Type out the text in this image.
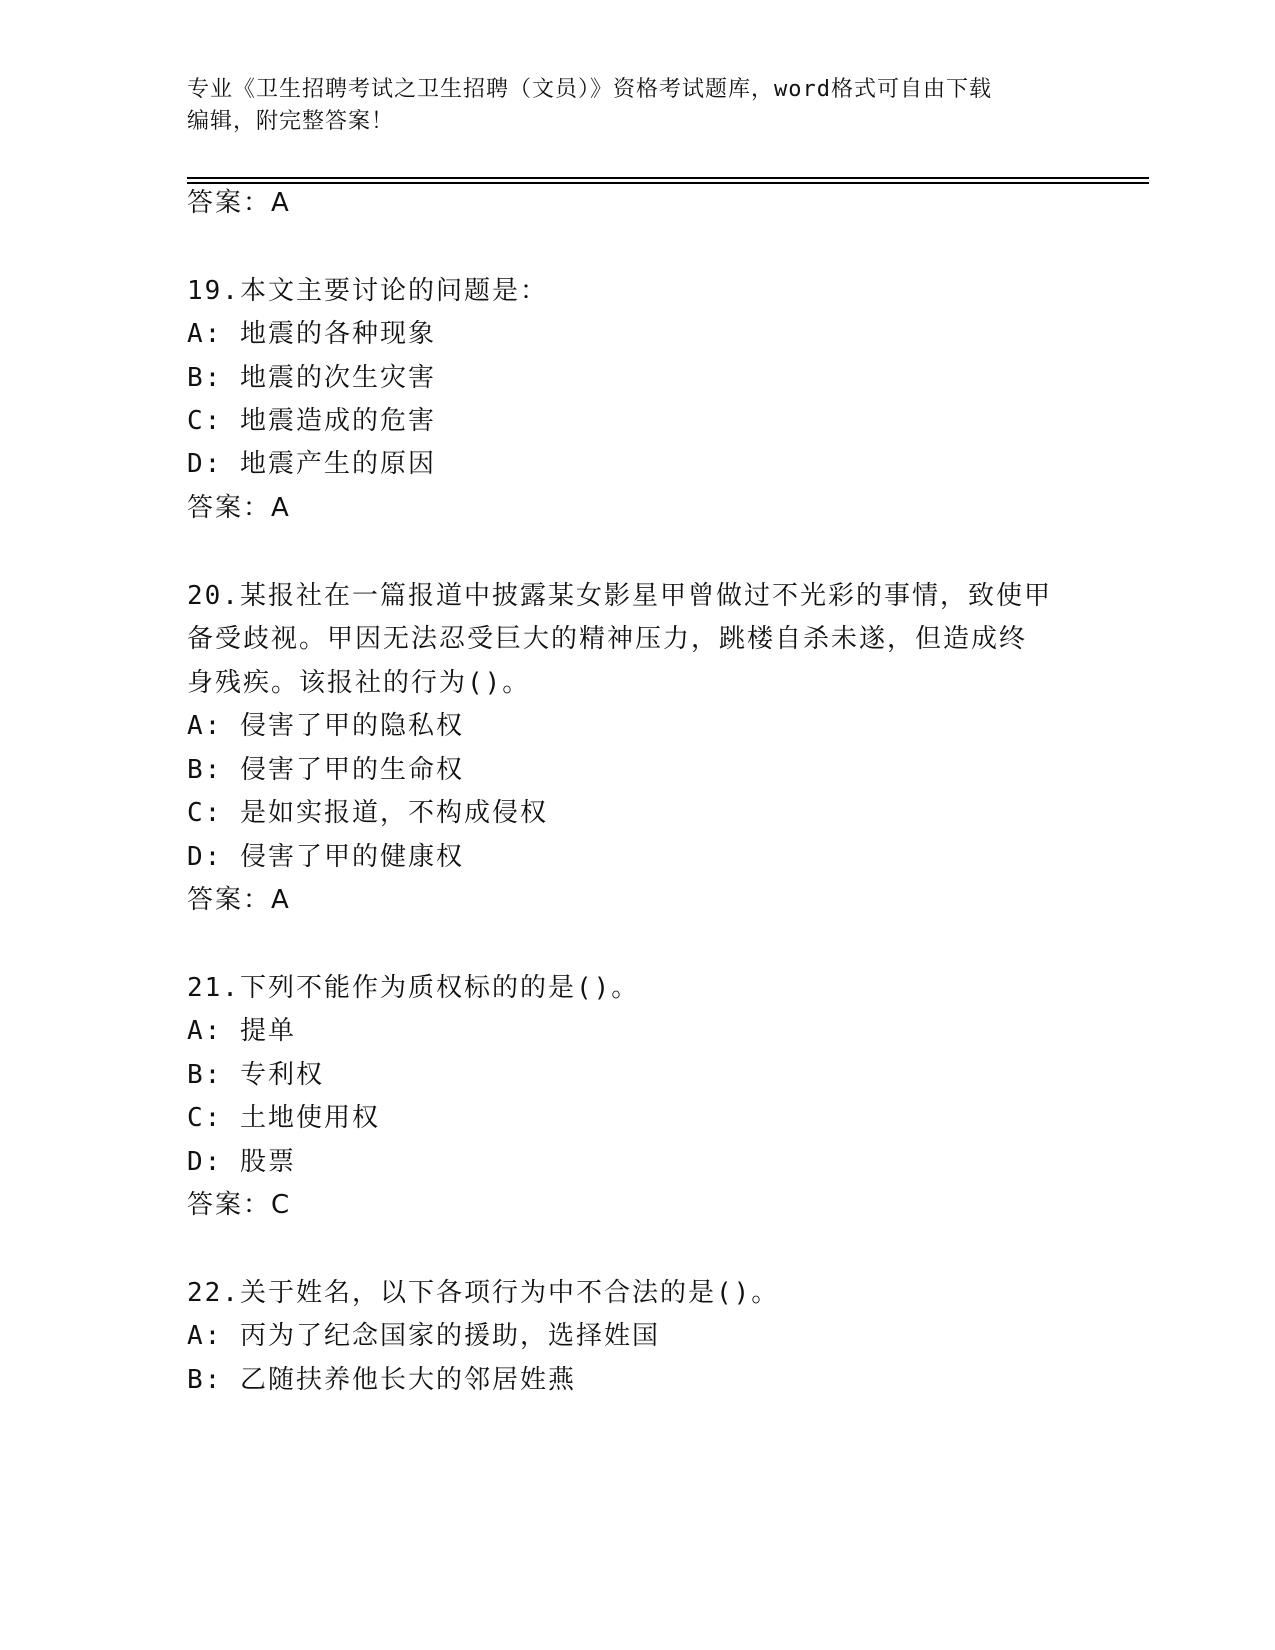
专业《卫生招聘考试之卫生招聘（文员）》资格考试题库，word格式可自由下载
编辑，附完整答案！
答案：A
19.本文主要讨论的问题是：
A: 地震的各种现象
B: 地震的次生灾害
C: 地震造成的危害
D: 地震产生的原因
答案：A
20.某报社在一篇报道中披露某女影星甲曾做过不光彩的事情，致使甲
备受歧视。甲因无法忍受巨大的精神压力，跳楼自杀未遂，但造成终
身残疾。该报社的行为()。
A: 侵害了甲的隐私权
B: 侵害了甲的生命权
C: 是如实报道，不构成侵权
D: 侵害了甲的健康权
答案：A
21.下列不能作为质权标的的是()。
A: 提单
B: 专利权
C: 土地使用权
D: 股票
答案：C
22.关于姓名，以下各项行为中不合法的是()。
A: 丙为了纪念国家的援助，选择姓国
B: 乙随扶养他长大的邻居姓燕
